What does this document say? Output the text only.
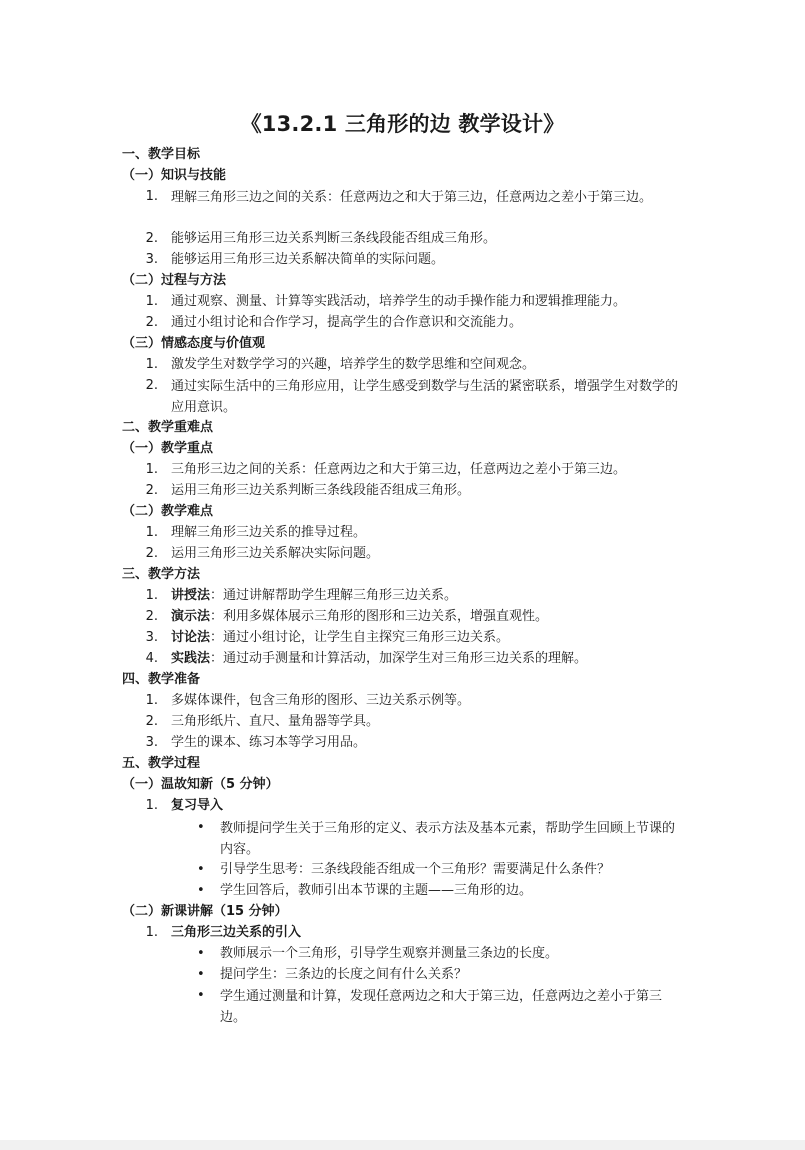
《13.2.1 三角形的边 教学设计》
一、教学目标
（一）知识与技能
1. 理解三角形三边之间的关系：任意两边之和大于第三边，任意两边之差小于第三边。
2. 能够运用三角形三边关系判断三条线段能否组成三角形。
3. 能够运用三角形三边关系解决简单的实际问题。
（二）过程与方法
1. 通过观察、测量、计算等实践活动，培养学生的动手操作能力和逻辑推理能力。
2. 通过小组讨论和合作学习，提高学生的合作意识和交流能力。
（三）情感态度与价值观
1. 激发学生对数学学习的兴趣，培养学生的数学思维和空间观念。
2. 通过实际生活中的三角形应用，让学生感受到数学与生活的紧密联系，增强学生对数学的应用意识。
二、教学重难点
（一）教学重点
1. 三角形三边之间的关系：任意两边之和大于第三边，任意两边之差小于第三边。
2. 运用三角形三边关系判断三条线段能否组成三角形。
（二）教学难点
1. 理解三角形三边关系的推导过程。
2. 运用三角形三边关系解决实际问题。
三、教学方法
1. 讲授法：通过讲解帮助学生理解三角形三边关系。
2. 演示法：利用多媒体展示三角形的图形和三边关系，增强直观性。
3. 讨论法：通过小组讨论，让学生自主探究三角形三边关系。
4. 实践法：通过动手测量和计算活动，加深学生对三角形三边关系的理解。
四、教学准备
1. 多媒体课件，包含三角形的图形、三边关系示例等。
2. 三角形纸片、直尺、量角器等学具。
3. 学生的课本、练习本等学习用品。
五、教学过程
（一）温故知新（5 分钟）
1. 复习导入
• 教师提问学生关于三角形的定义、表示方法及基本元素，帮助学生回顾上节课的内容。
• 引导学生思考：三条线段能否组成一个三角形？需要满足什么条件？
• 学生回答后，教师引出本节课的主题——三角形的边。
（二）新课讲解（15 分钟）
1. 三角形三边关系的引入
• 教师展示一个三角形，引导学生观察并测量三条边的长度。
• 提问学生：三条边的长度之间有什么关系？
• 学生通过测量和计算，发现任意两边之和大于第三边，任意两边之差小于第三边。
